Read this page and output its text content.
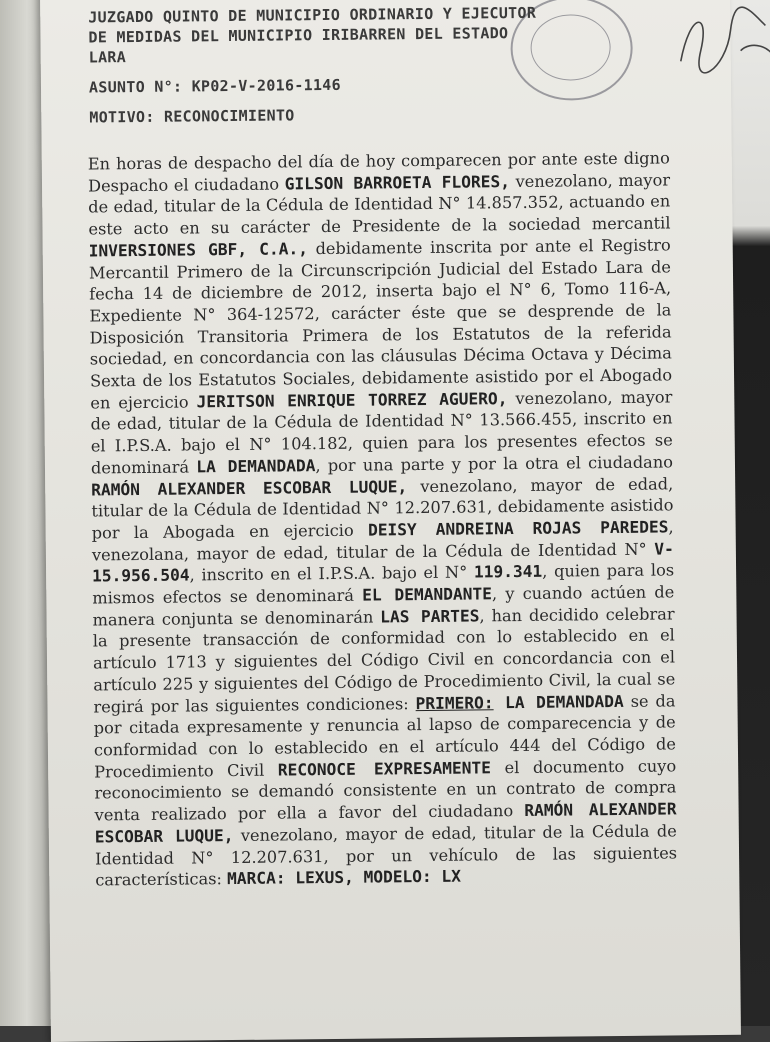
JUZGADO QUINTO DE MUNICIPIO ORDINARIO Y EJECUTOR
DE MEDIDAS DEL MUNICIPIO IRIBARREN DEL ESTADO
LARA
ASUNTO N°: KP02-V-2016-1146
MOTIVO: RECONOCIMIENTO
En horas de despacho del día de hoy comparecen por ante este digno Despacho el ciudadano GILSON BARROETA FLORES, venezolano, mayor de edad, titular de la Cédula de Identidad N° 14.857.352, actuando en este acto en su carácter de Presidente de la sociedad mercantil INVERSIONES GBF, C.A., debidamente inscrita por ante el Registro Mercantil Primero de la Circunscripción Judicial del Estado Lara de fecha 14 de diciembre de 2012, inserta bajo el N° 6, Tomo 116-A, Expediente N° 364-12572, carácter éste que se desprende de la Disposición Transitoria Primera de los Estatutos de la referida sociedad, en concordancia con las cláusulas Décima Octava y Décima Sexta de los Estatutos Sociales, debidamente asistido por el Abogado en ejercicio JERITSON ENRIQUE TORREZ AGUERO, venezolano, mayor de edad, titular de la Cédula de Identidad N° 13.566.455, inscrito en el I.P.S.A. bajo el N° 104.182, quien para los presentes efectos se denominará LA DEMANDADA, por una parte y por la otra el ciudadano RAMÓN ALEXANDER ESCOBAR LUQUE, venezolano, mayor de edad, titular de la Cédula de Identidad N° 12.207.631, debidamente asistido por la Abogada en ejercicio DEISY ANDREINA ROJAS PAREDES, venezolana, mayor de edad, titular de la Cédula de Identidad N° V-15.956.504, inscrito en el I.P.S.A. bajo el N° 119.341, quien para los mismos efectos se denominará EL DEMANDANTE, y cuando actúen de manera conjunta se denominarán LAS PARTES, han decidido celebrar la presente transacción de conformidad con lo establecido en el artículo 1713 y siguientes del Código Civil en concordancia con el artículo 225 y siguientes del Código de Procedimiento Civil, la cual se regirá por las siguientes condiciones: PRIMERO: LA DEMANDADA se da por citada expresamente y renuncia al lapso de comparecencia y de conformidad con lo establecido en el artículo 444 del Código de Procedimiento Civil RECONOCE EXPRESAMENTE el documento cuyo reconocimiento se demandó consistente en un contrato de compra venta realizado por ella a favor del ciudadano RAMÓN ALEXANDER ESCOBAR LUQUE, venezolano, mayor de edad, titular de la Cédula de Identidad N° 12.207.631, por un vehículo de las siguientes características: MARCA: LEXUS, MODELO: LX
